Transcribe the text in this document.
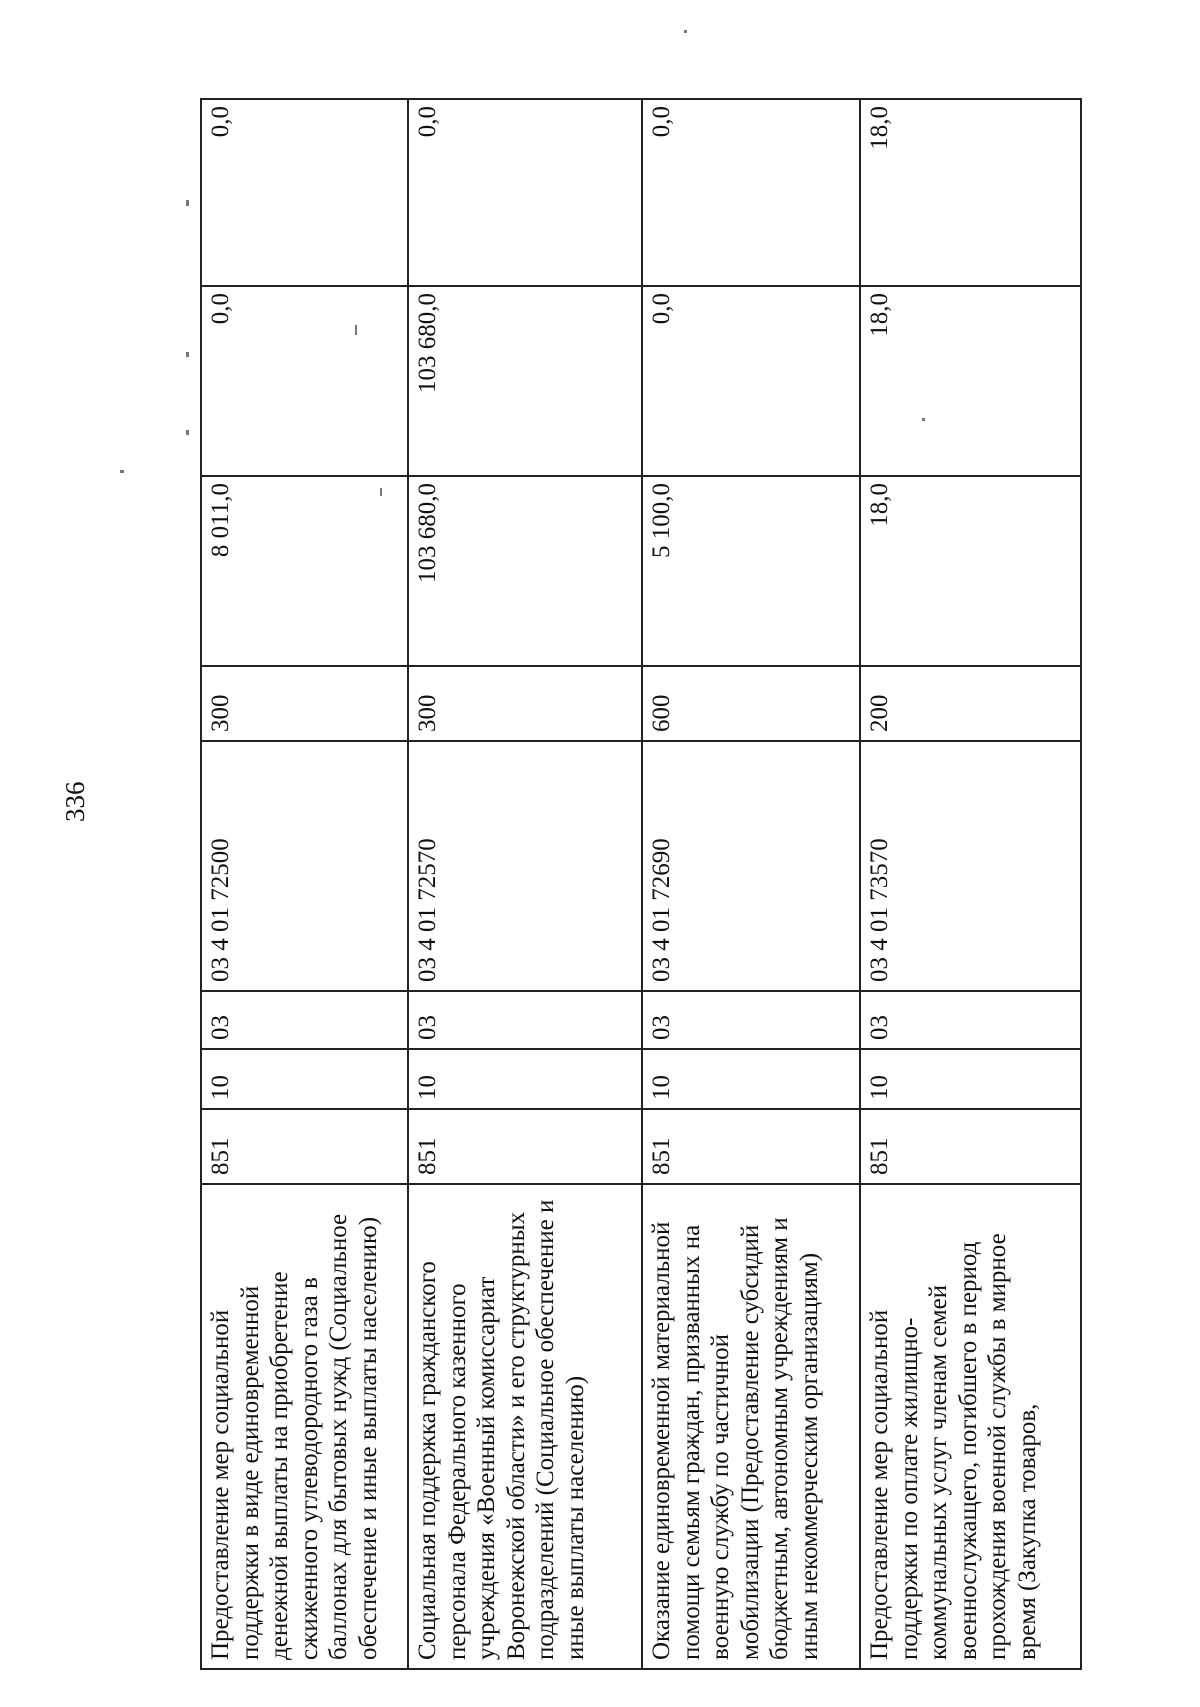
336
Предоставление мер социальной поддержки в виде единовременной денежной выплаты на приобретение сжиженного углеводородного газа в баллонах для бытовых нужд (Социальное обеспечение и иные выплаты населению)	851	10	03	03 4 01 72500	300	8 011,0	0,0	0,0
Социальная поддержка гражданского персонала Федерального казенного учреждения «Военный комиссариат Воронежской области» и его структурных подразделений (Социальное обеспечение и иные выплаты населению)	851	10	03	03 4 01 72570	300	103 680,0	103 680,0	0,0
Оказание единовременной материальной помощи семьям граждан, призванных на военную службу по частичной мобилизации (Предоставление субсидий бюджетным, автономным учреждениям и иным некоммерческим организациям)	851	10	03	03 4 01 72690	600	5 100,0	0,0	0,0
Предоставление мер социальной поддержки по оплате жилищно-коммунальных услуг членам семей военнослужащего, погибшего в период прохождения военной службы в мирное время (Закупка товаров,	851	10	03	03 4 01 73570	200	18,0	18,0	18,0
